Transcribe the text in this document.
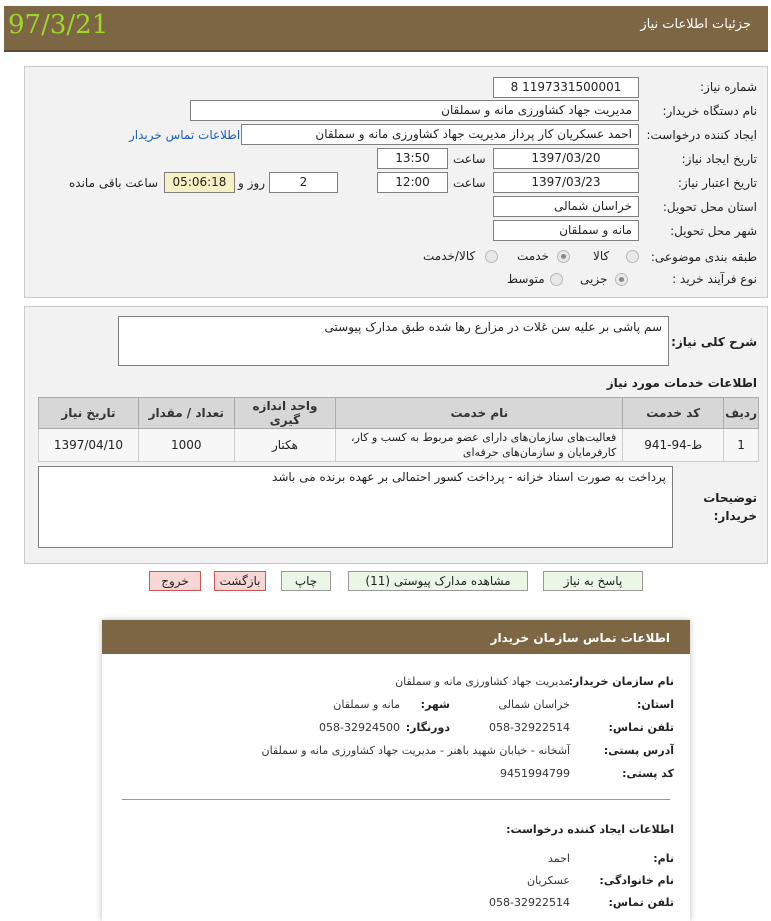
جزئیات اطلاعات نیاز
97/3/21
شماره نیاز:
1197331500001 8
نام دستگاه خریدار:
مدیریت جهاد کشاورزی مانه و سملقان
ایجاد کننده درخواست:
احمد عسکریان کار پرداز مدیریت جهاد کشاورزی مانه و سملقان
اطلاعات تماس خریدار
تاریخ ایجاد نیاز:
1397/03/20
ساعت
13:50
تاریخ اعتبار نیاز:
1397/03/23
ساعت
12:00
2
روز و
05:06:18
ساعت باقی مانده
استان محل تحویل:
خراسان شمالی
شهر محل تحویل:
مانه و سملقان
طبقه بندی موضوعی:
کالا
خدمت
کالا/خدمت
نوع فرآیند خرید :
جزیی
متوسط
شرح کلی نیاز:
سم پاشی بر علیه سن غلات در مزارع رها شده طبق مدارک پیوستی
اطلاعات خدمات مورد نیاز
تاریخ نیاز	تعداد / مقدار	واحد اندازه گیری	نام خدمت	کد خدمت	ردیف
1397/04/10	1000	هکتار	فعالیت‌های سازمان‌های دارای عضو مربوط به کسب و کار،
کارفرمایان و سازمان‌های حرفه‌ای	ط-94-941	1
توضیحات
خریدار:
پرداخت به صورت اسناد خزانه - پرداخت کسور احتمالی بر عهده برنده می باشد
پاسخ به نیاز
مشاهده مدارک پیوستی (11)
چاپ
بازگشت
خروج
اطلاعات تماس سازمان خریدار
نام سازمان خریدار:
مدیریت جهاد کشاورزی مانه و سملقان
استان:
خراسان شمالی
شهر:
مانه و سملقان
تلفن تماس:
058-32922514
دورنگار:
058-32924500
آدرس پستی:
آشخانه - خیابان شهید باهنر - مدیریت جهاد کشاورزی مانه و سملقان
کد پستی:
9451994799
اطلاعات ایجاد کننده درخواست:
نام:
احمد
نام خانوادگی:
عسکریان
تلفن تماس:
058-32922514
